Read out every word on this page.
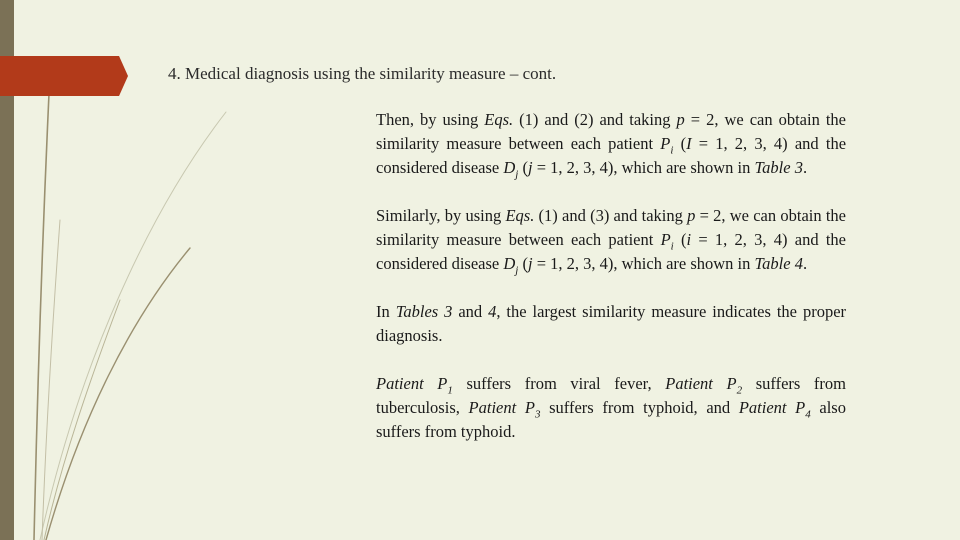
4. Medical diagnosis using the similarity measure – cont.

Then, by using Eqs. (1) and (2) and taking p = 2, we can obtain the similarity measure between each patient $P_i$ (I = 1, 2, 3, 4) and the considered disease $D_j$ (j = 1, 2, 3, 4), which are shown in Table 3.

Similarly, by using Eqs. (1) and (3) and taking p = 2, we can obtain the similarity measure between each patient $P_i$ (i = 1, 2, 3, 4) and the considered disease $D_j$ (j = 1, 2, 3, 4), which are shown in Table 4.

In Tables 3 and 4, the largest similarity measure indicates the proper diagnosis.

Patient $P_1$ suffers from viral fever, Patient $P_2$ suffers from tuberculosis, Patient $P_3$ suffers from typhoid, and Patient $P_4$ also suffers from typhoid.
